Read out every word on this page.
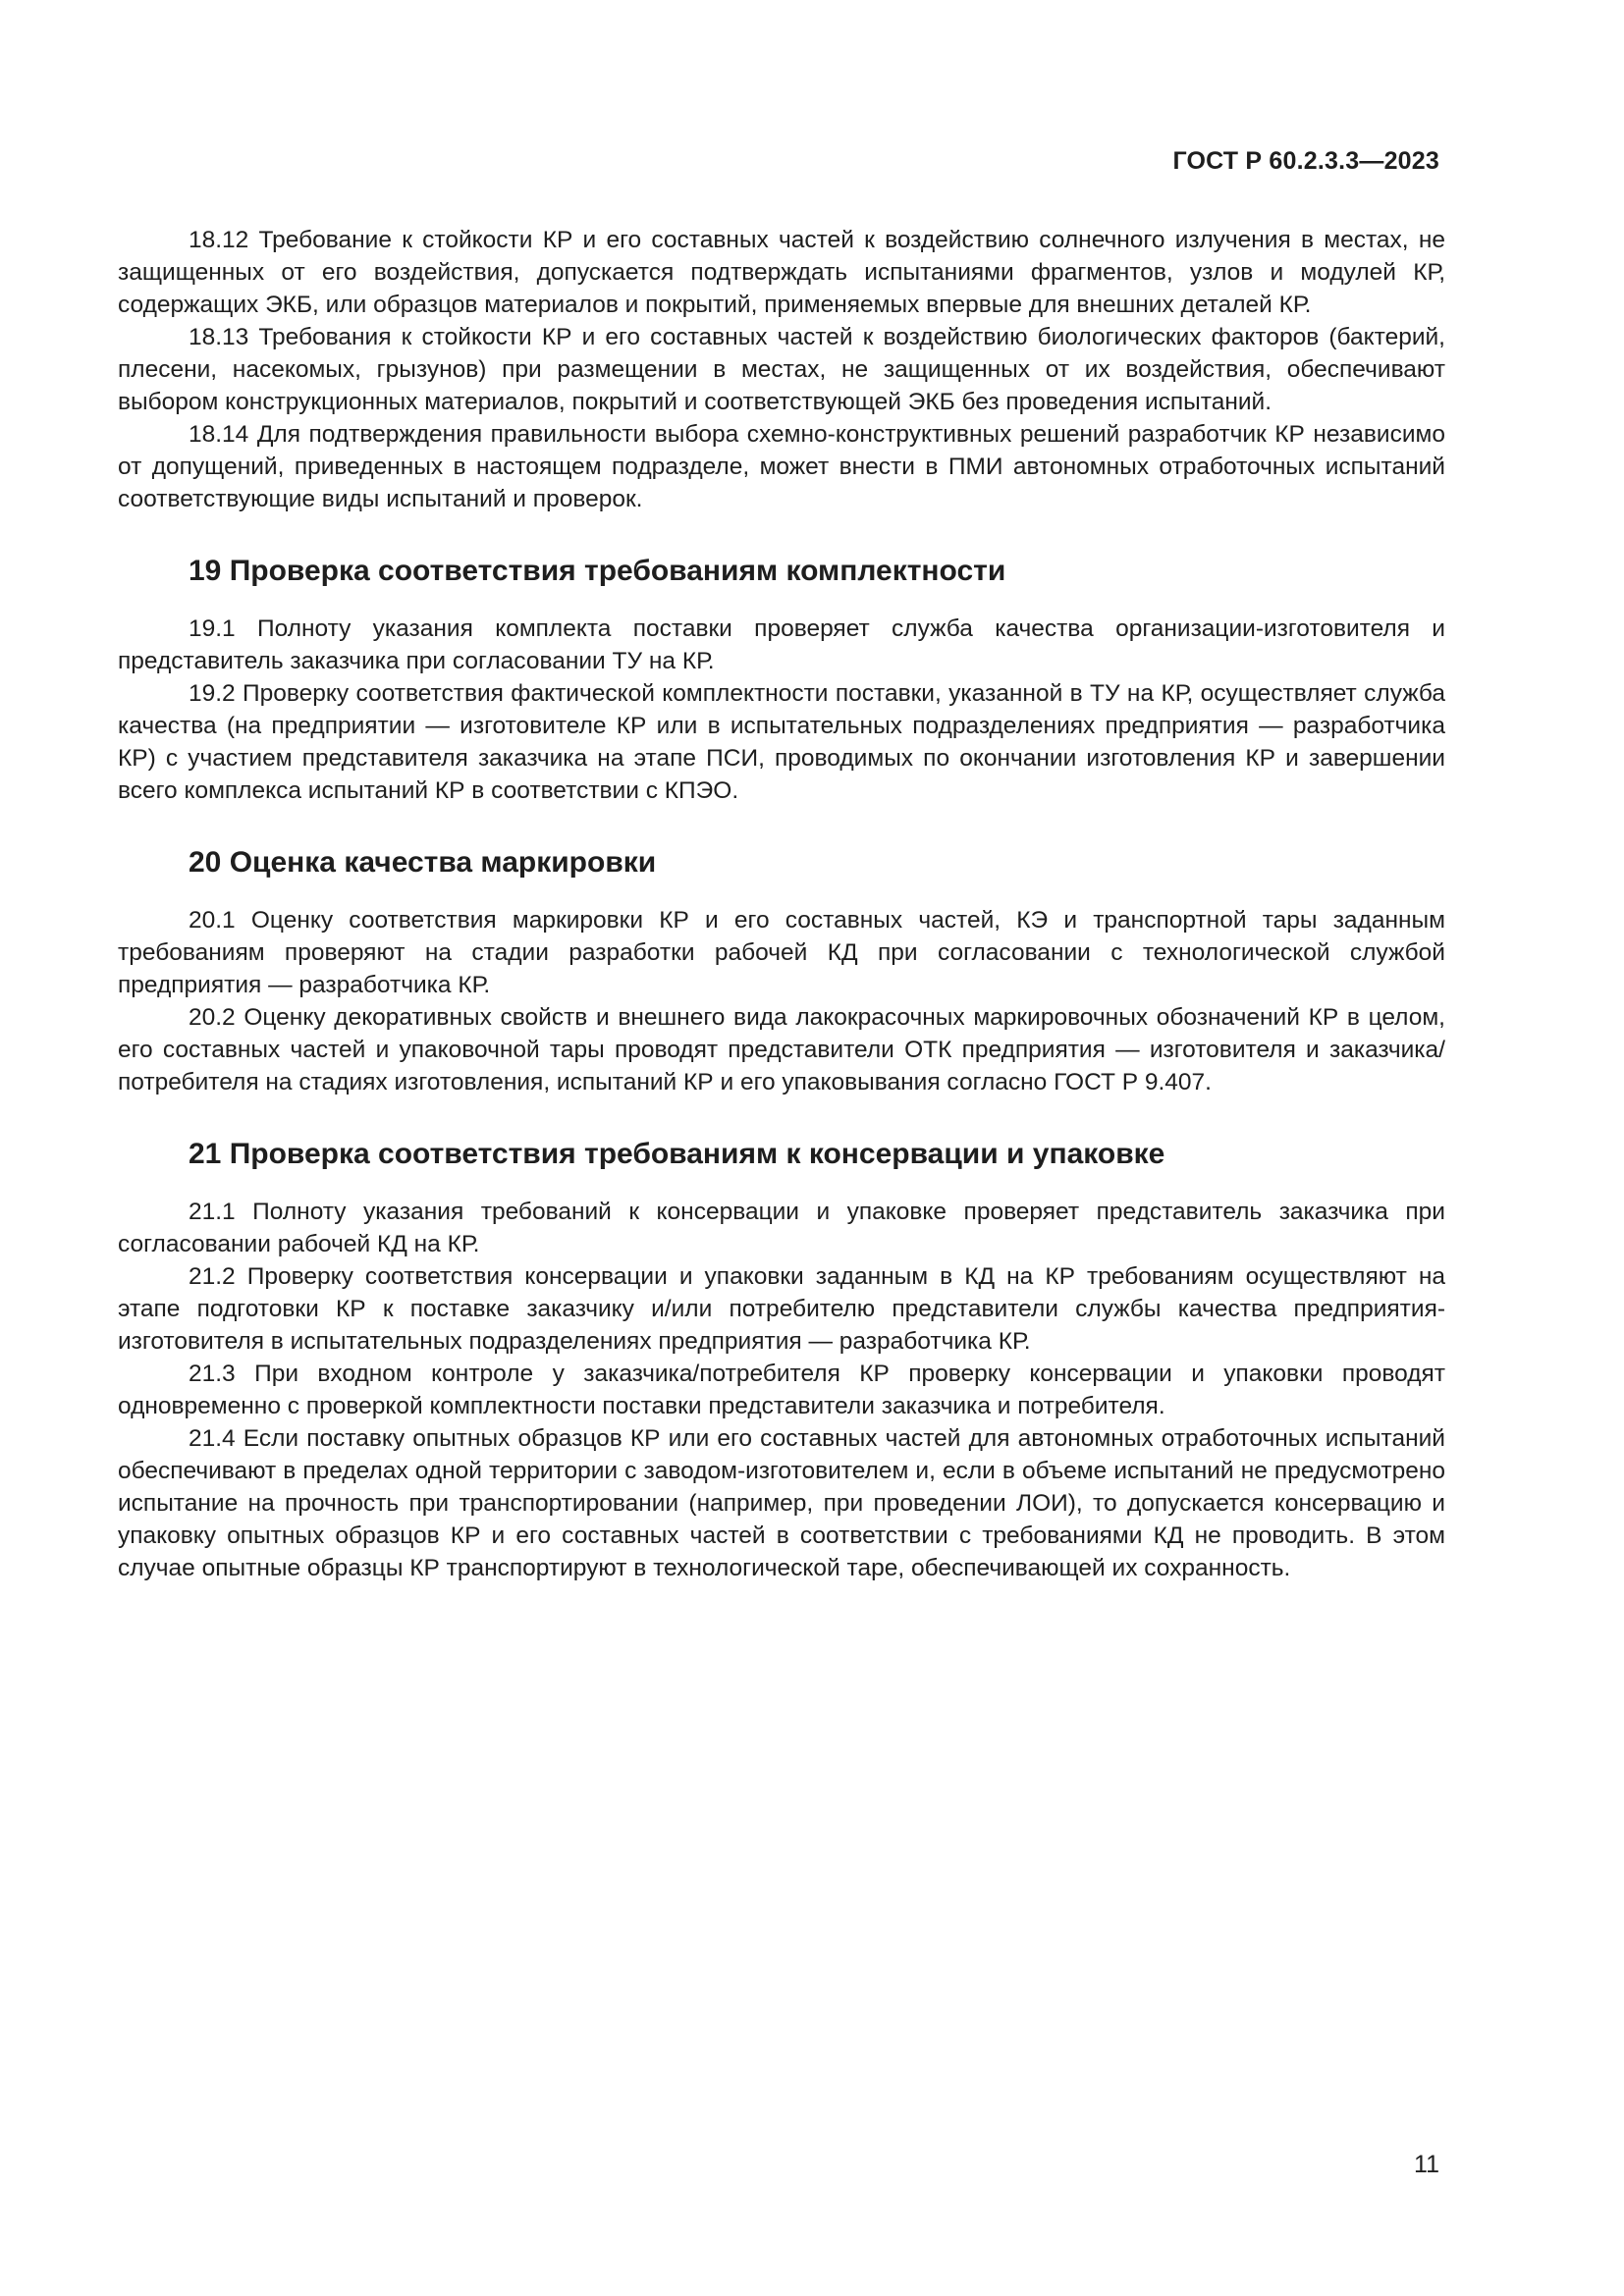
ГОСТ Р 60.2.3.3—2023

18.12 Требование к стойкости КР и его составных частей к воздействию солнечного излучения в местах, не защищенных от его воздействия, допускается подтверждать испытаниями фрагментов, узлов и модулей КР, содержащих ЭКБ, или образцов материалов и покрытий, применяемых впервые для внешних деталей КР.

18.13 Требования к стойкости КР и его составных частей к воздействию биологических факторов (бактерий, плесени, насекомых, грызунов) при размещении в местах, не защищенных от их воздействия, обеспечивают выбором конструкционных материалов, покрытий и соответствующей ЭКБ без проведения испытаний.

18.14 Для подтверждения правильности выбора схемно-конструктивных решений разработчик КР независимо от допущений, приведенных в настоящем подразделе, может внести в ПМИ автономных отработочных испытаний соответствующие виды испытаний и проверок.

19 Проверка соответствия требованиям комплектности

19.1 Полноту указания комплекта поставки проверяет служба качества организации-изготовителя и представитель заказчика при согласовании ТУ на КР.

19.2 Проверку соответствия фактической комплектности поставки, указанной в ТУ на КР, осуществляет служба качества (на предприятии — изготовителе КР или в испытательных подразделениях предприятия — разработчика КР) с участием представителя заказчика на этапе ПСИ, проводимых по окончании изготовления КР и завершении всего комплекса испытаний КР в соответствии с КПЭО.

20 Оценка качества маркировки

20.1 Оценку соответствия маркировки КР и его составных частей, КЭ и транспортной тары заданным требованиям проверяют на стадии разработки рабочей КД при согласовании с технологической службой предприятия — разработчика КР.

20.2 Оценку декоративных свойств и внешнего вида лакокрасочных маркировочных обозначений КР в целом, его составных частей и упаковочной тары проводят представители ОТК предприятия — изготовителя и заказчика/потребителя на стадиях изготовления, испытаний КР и его упаковывания согласно ГОСТ Р 9.407.

21 Проверка соответствия требованиям к консервации и упаковке

21.1 Полноту указания требований к консервации и упаковке проверяет представитель заказчика при согласовании рабочей КД на КР.

21.2 Проверку соответствия консервации и упаковки заданным в КД на КР требованиям осуществляют на этапе подготовки КР к поставке заказчику и/или потребителю представители службы качества предприятия-изготовителя в испытательных подразделениях предприятия — разработчика КР.

21.3 При входном контроле у заказчика/потребителя КР проверку консервации и упаковки проводят одновременно с проверкой комплектности поставки представители заказчика и потребителя.

21.4 Если поставку опытных образцов КР или его составных частей для автономных отработочных испытаний обеспечивают в пределах одной территории с заводом-изготовителем и, если в объеме испытаний не предусмотрено испытание на прочность при транспортировании (например, при проведении ЛОИ), то допускается консервацию и упаковку опытных образцов КР и его составных частей в соответствии с требованиями КД не проводить. В этом случае опытные образцы КР транспортируют в технологической таре, обеспечивающей их сохранность.

11
